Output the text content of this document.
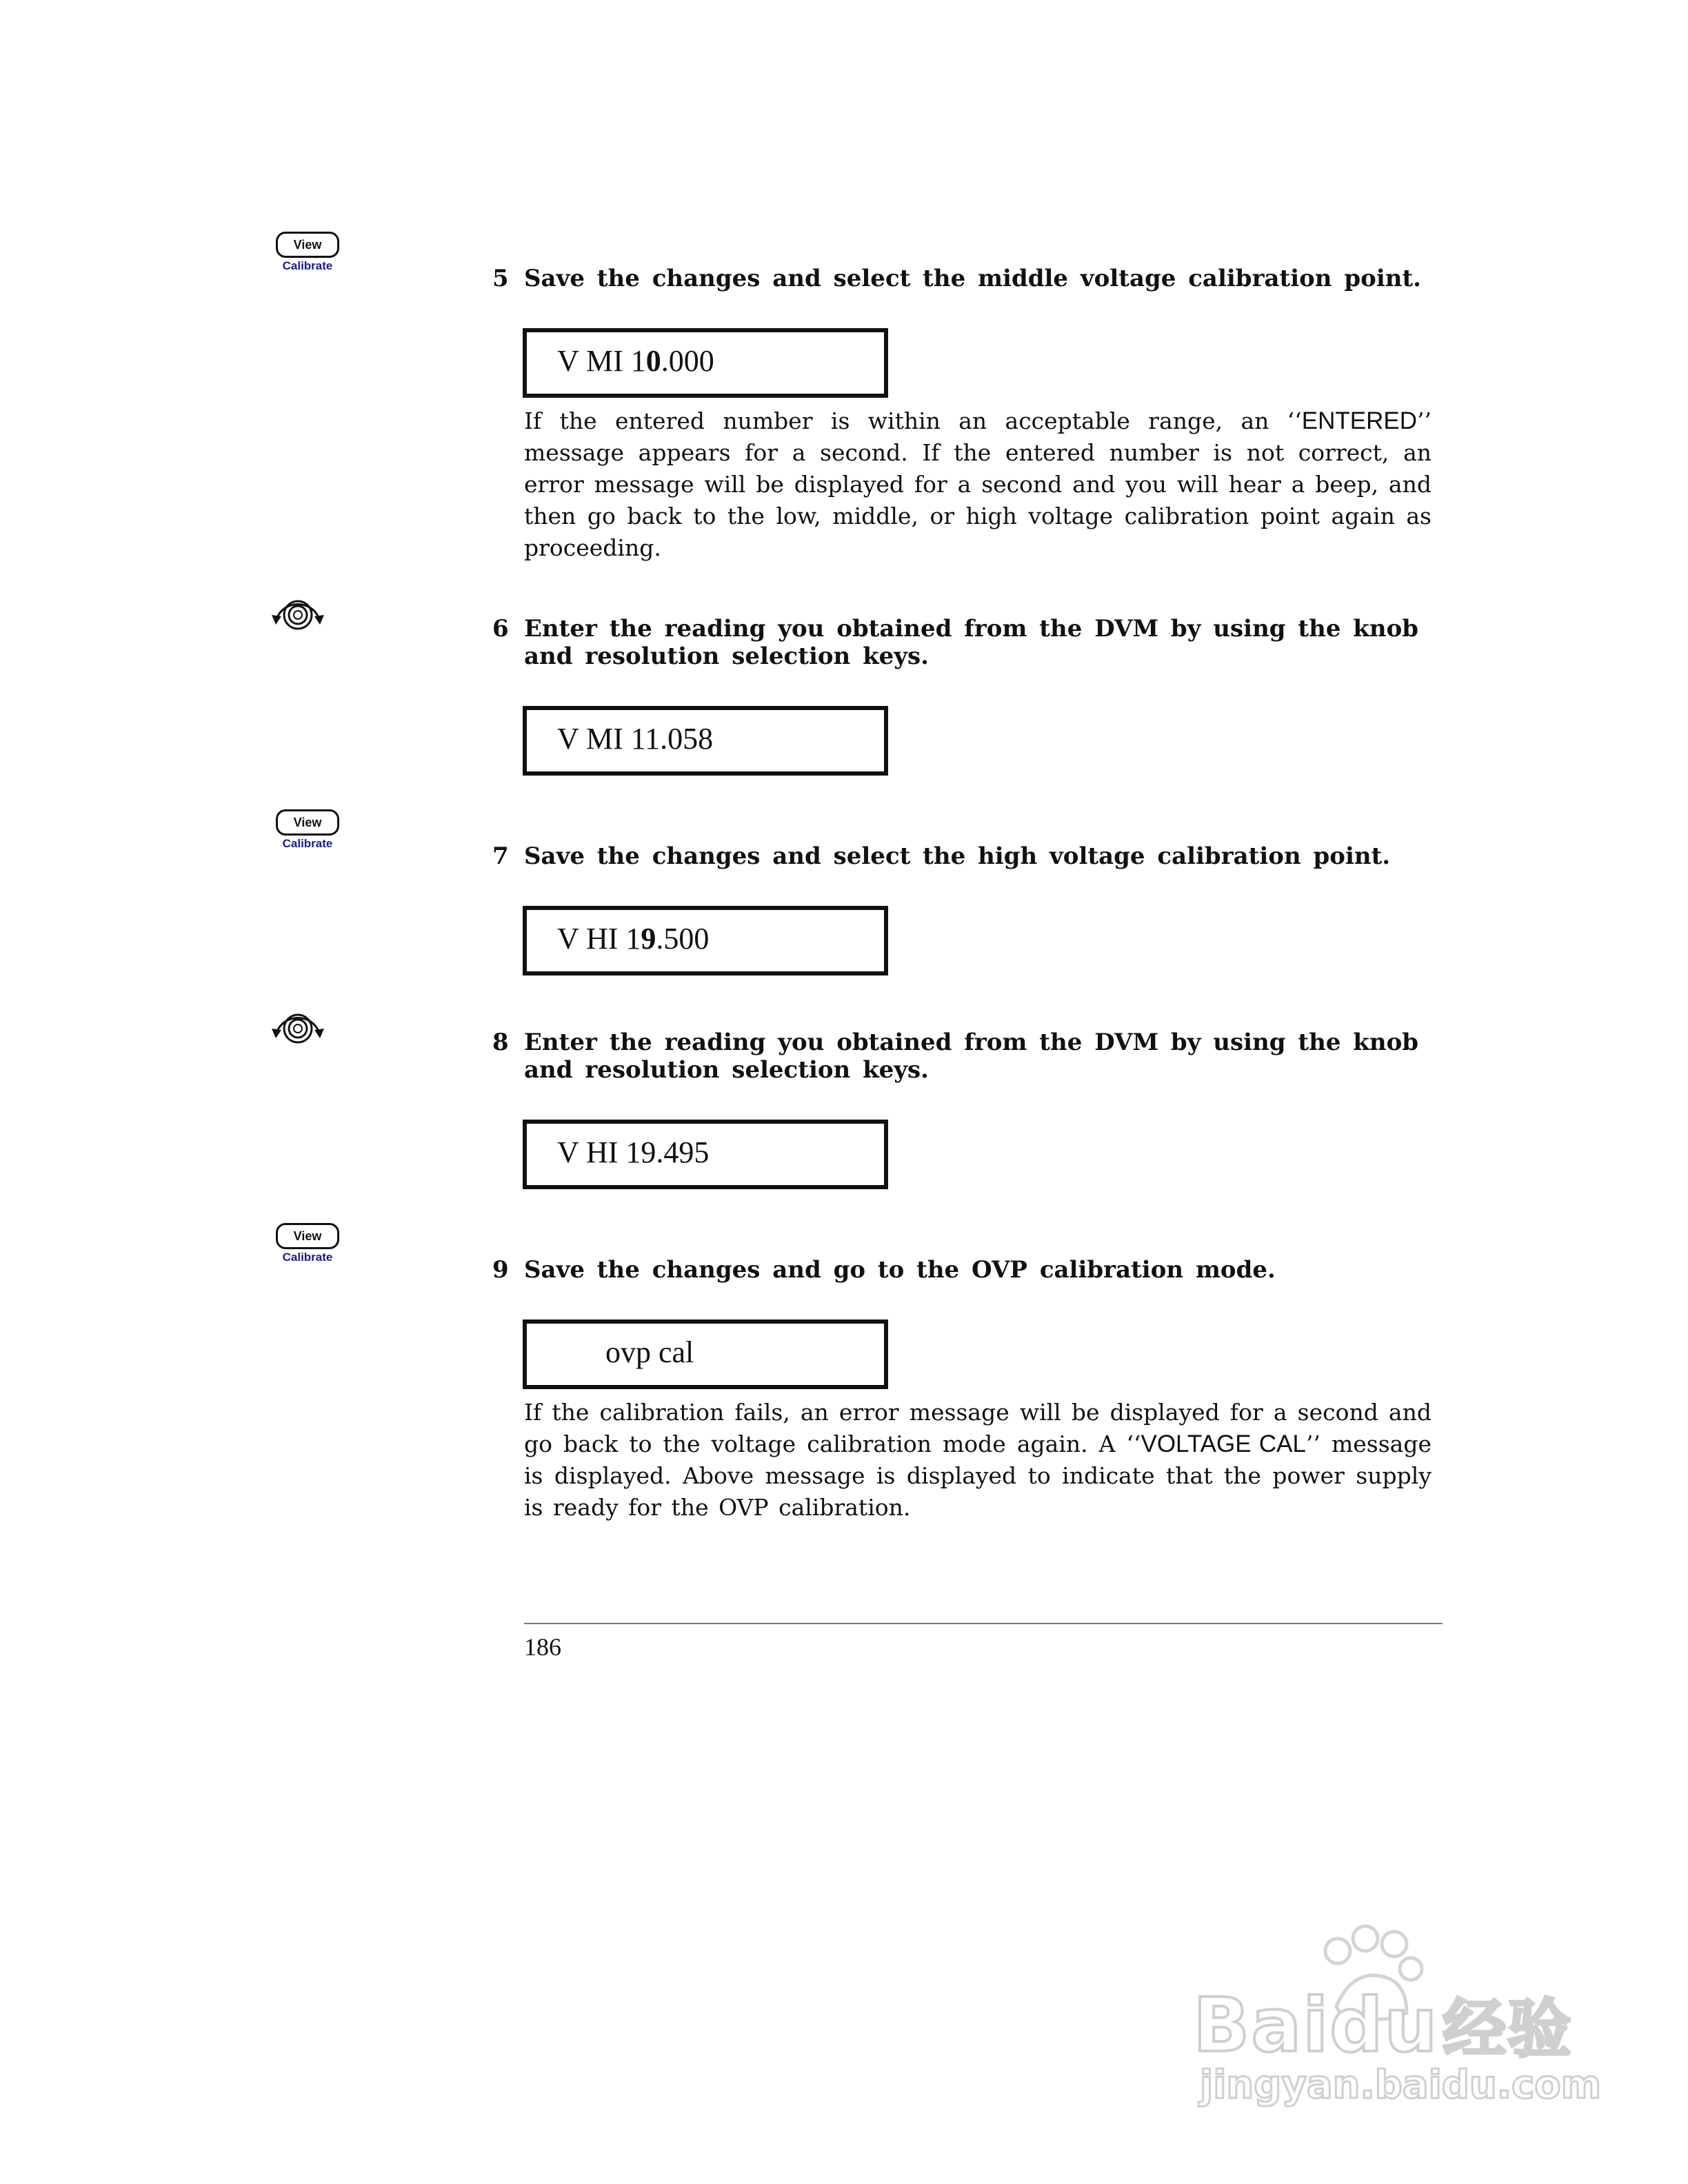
View
Calibrate
View
Calibrate
View
Calibrate
5 Save the changes and select the middle voltage calibration point.
V MI 10.000

If the entered number is within an acceptable range, an ‘‘ENTERED’’ message appears for a second. If the entered number is not correct, an error message will be displayed for a second and you will hear a beep, and then go back to the low, middle, or high voltage calibration point again as proceeding.

6 Enter the reading you obtained from the DVM by using the knob and resolution selection keys.
V MI 11.058
7 Save the changes and select the high voltage calibration point.
V HI 19.500
8 Enter the reading you obtained from the DVM by using the knob and resolution selection keys.
V HI 19.495
9 Save the changes and go to the OVP calibration mode.
ovp cal

If the calibration fails, an error message will be displayed for a second and go back to the voltage calibration mode again. A ‘‘VOLTAGE CAL’’ message is displayed. Above message is displayed to indicate that the power supply is ready for the OVP calibration.

186
Baidu经验
jingyan.baidu.com
